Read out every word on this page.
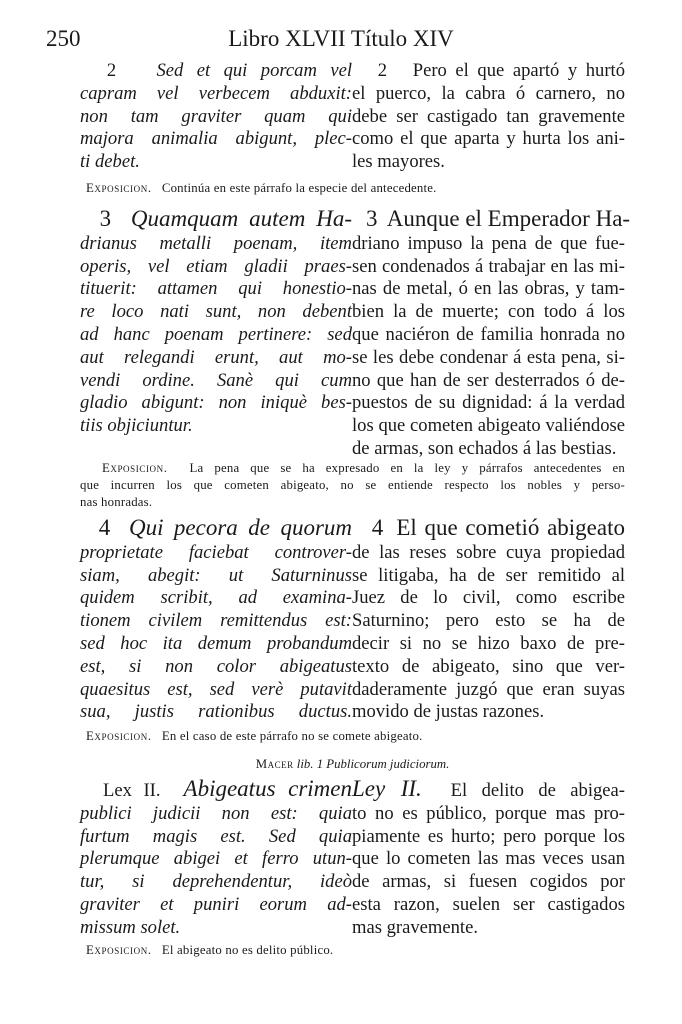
250	Libro XLVII Título XIV
2 Sed et qui porcam vel
capram vel verbecem abduxit:
non tam graviter quam qui
majora animalia abigunt, plec-
ti debet.
2 Pero el que apartó y hurtó
el puerco, la cabra ó carnero, no
debe ser castigado tan gravemente
como el que aparta y hurta los ani-
les mayores.
Exposicion. Continúa en este párrafo la especie del antecedente.
3 Quamquam autem Ha-
drianus metalli poenam, item
operis, vel etiam gladii praes-
tituerit: attamen qui honestio-
re loco nati sunt, non debent
ad hanc poenam pertinere: sed
aut relegandi erunt, aut mo-
vendi ordine. Sanè qui cum
gladio abigunt: non iniquè bes-
tiis objiciuntur.
3 Aunque el Emperador Ha-
driano impuso la pena de que fue-
sen condenados á trabajar en las mi-
nas de metal, ó en las obras, y tam-
bien la de muerte; con todo á los
que naciéron de familia honrada no
se les debe condenar á esta pena, si-
no que han de ser desterrados ó de-
puestos de su dignidad: á la verdad
los que cometen abigeato valiéndose
de armas, son echados á las bestias.
Exposicion. La pena que se ha expresado en la ley y párrafos antecedentes en
que incurren los que cometen abigeato, no se entiende respecto los nobles y perso-
nas honradas.
4 Qui pecora de quorum
proprietate faciebat controver-
siam, abegit: ut Saturninus
quidem scribit, ad examina-
tionem civilem remittendus est:
sed hoc ita demum probandum
est, si non color abigeatus
quaesitus est, sed verè putavit
sua, justis rationibus ductus.
4 El que cometió abigeato
de las reses sobre cuya propiedad
se litigaba, ha de ser remitido al
Juez de lo civil, como escribe
Saturnino; pero esto se ha de
decir si no se hizo baxo de pre-
texto de abigeato, sino que ver-
daderamente juzgó que eran suyas
movido de justas razones.
Exposicion. En el caso de este párrafo no se comete abigeato.
Macer lib. 1 Publicorum judiciorum.
Lex II. Abigeatus crimen
publici judicii non est: quia
furtum magis est. Sed quia
plerumque abigei et ferro utun-
tur, si deprehendentur, ideò
graviter et puniri eorum ad-
missum solet.
Ley II. El delito de abigea-
to no es público, porque mas pro-
piamente es hurto; pero porque los
que lo cometen las mas veces usan
de armas, si fuesen cogidos por
esta razon, suelen ser castigados
mas gravemente.
Exposicion. El abigeato no es delito público.
